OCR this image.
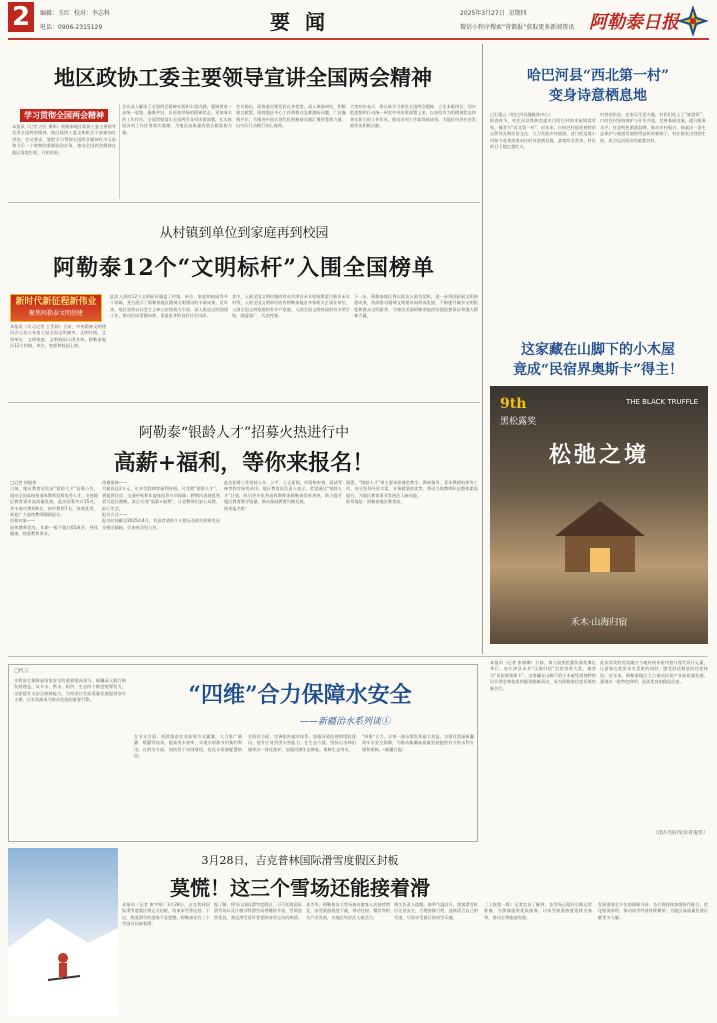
2	编辑：玉红 校对：李志科
电话：0906-2315129	要 闻	2025年3月27日 星期四
微信小程序搜索“营都报”获取更多新闻资讯 阿勒泰日报
地区政协工委主要领导宣讲全国两会精神
学习贯彻全国两会精神
本报讯（记者 吉扎 摄影）阿勒泰地区政协工委主要领导宣讲全国两会精神，地区政协工委全体机关干部参加宣讲会。会议要求，要把学习贯彻全国两会精神作为当前和今后一个时期的重要政治任务，推动全国两会精神在地区落地生根、开花结果。
会议深入解读了全国两会精神实质和丰富内涵，强调要进一步统一思想、凝聚共识，以更加昂扬的精神状态、更加务实的工作作风，全面贯彻落实全国两会各项决策部署，扎实推进各项工作任务落实落细，为地区高质量发展贡献政协力量。
会议指出，政协委员要发挥自身优势，深入调查研究，积极建言献策，围绕地区中心工作和群众急难愁盼问题，广泛凝聚共识，为推进中国式现代化阿勒泰实践汇聚智慧和力量，以实际行动践行初心使命。
大家纷纷表示，将认真学习领会全国两会精神，立足本职岗位，切实把思想和行动统一到党中央决策部署上来，以奋发有为的精神状态和务实担当的工作作风，推动各项工作取得新成效，为地区经济社会发展作出积极贡献。
从村镇到单位到家庭再到校园
阿勒泰12个“文明标杆”入围全国榜单
新时代新征程新伟业
聚焦阿勒泰文明创建
本报讯（实习记者 王雪娟）日前，中央精神文明建设办公室公布第七届全国文明城市、文明村镇、文明单位、文明家庭、文明校园入围名单，阿勒泰地区12个村镇、单位、家庭和校园上榜。
此次入围的12个文明标杆涵盖了村镇、单位、家庭和校园等多个领域，充分展示了阿勒泰地区精神文明建设的丰硕成果。近年来，地区坚持以社会主义核心价值观为引领，深入推进文明创建工作，推动形成崇德向善、见贤思齐的良好社会风尚。
其中，入围全国文明村镇的有布尔津县禾木哈纳斯蒙古族乡禾木村等，入围全国文明单位的有阿勒泰地区多家机关企事业单位，入围全国文明家庭的有多户家庭，入围全国文明校园的有多所学校，涵盖面广、代表性强。
下一步，阿勒泰地区将以此次入围为契机，进一步巩固拓展文明创建成果，持续推动精神文明建设向纵深发展，不断提升城乡文明程度和群众文明素养，为建设美丽阿勒泰提供坚强思想保证和强大精神力量。
阿勒泰“银龄人才”招募火热进行中
高薪+福利，等你来报名！
□记者 胡俊秀
日前，地区教育局发布“银龄人才”招募公告，面向全国高校和退休教师招募优秀人才，支持地区教育事业高质量发展。此次招募共计15名，其中高中教师8名、初中教师7名，待遇优厚，欢迎广大退休教师踊跃报名。
招募对象——
退休教师优先，年龄一般不超过65周岁，身体健康，热爱教育事业。
待遇保障——
月薪高达2万元，年享受假期等福利待遇。凡受聘“银龄人才”，将提供住房、交通补贴和年度体检等多项保障；聘期内表现优秀者可延长聘期，真正实现“高薪+福利”，让老教师们安心从教、舒心生活。
报名方式——
报名时间截至2025年4月，有意者请将个人简历及相关材料发送至指定邮箱，咨询电话见公告。
此次招募工作坚持公开、公平、公正原则，经资格审查、面试考核等程序择优录用。地区教育局负责人表示，希望通过“银龄人才”计划，吸引更多优秀退休教师来阿勒泰发挥余热，助力提升地区教育教学质量，推动基础教育均衡发展。
快来报名吧！
据悉，“银龄人才”将主要承担课堂教学、教研指导、青年教师培养等工作，充分发挥经验丰富、业务精湛的优势，带动当地教师队伍整体素质提升，为地区教育事业发展注入新动能。
联系地址：阿勒泰地区教育局。
□代立
水利安全保障是国家安全的重要组成部分。新疆深入践行新发展理念，从节水、供水、防洪、生态四个维度统筹发力，全面提升水安全保障能力，为经济社会高质量发展提供坚实支撑，让水资源成为推动发展的重要引擎。	“四维”合力保障水安全
——新疆治水系列谈①
在节水方面，持续推进农业高效节水灌溉，大力推广滴灌、喷灌等技术，提高用水效率，实现水资源节约集约利用。在供水方面，加快骨干水网建设，优化水资源配置格局。
在防洪方面，完善防洪减灾体系，加强河道治理和堤防建设，提升应对洪涝灾害能力。在生态方面，坚持山水林田湖草沙一体化保护，加强河湖生态修复，保障生态用水。
“四维”合力，让每一滴水都发挥最大效益，为建设美丽新疆筑牢水安全屏障，为推动新疆高质量发展提供有力的水利支撑和保障。（新疆日报）
3月28日，吉克普林国际滑雪度假区封板
莫慌！这三个雪场还能接着滑
本报讯（记者 崔宇萌）3月28日，吉克普林国际滑雪度假区将正式封板，结束本雪季运营。不过，热爱滑雪的游客不必遗憾，阿勒泰还有三个雪场可以接着滑。
据了解，将军山国际滑雪度假区、可可托海国际滑雪场以及汗德尕特滑雪场将继续开放，雪质依然优良，满足滑雪爱好者延续冰雪运动的热情。
本雪季，阿勒泰各大雪场接待游客人次持续增长，冰雪旅游热度不减，带动住宿、餐饮等相关产业发展，为地区经济注入新活力。
相关负责人提醒，春季气温回升，游客滑雪时应注意安全，合理安排行程，选择适合自己的雪道，尽情享受最后的冰雪乐趣。
（上接第一版）记者走访了解到，各雪场正做好后期运营准备，为游客提供优质服务，让冰雪旅游热度延续至春季，推动全季旅游发展。
发展需要全方位的保障支持，各方将持续加强协作配合，优化服务供给，推动冰雪经济持续繁荣，为地区高质量发展贡献更多力量。
哈巴河县“西北第一村”
变身诗意栖息地
□石俊云（哈巴河县融媒体中心）
阳春时节，哈巴河县铁热克提乡白哈巴村的木屋错落有致，被誉为“西北第一村”。近年来，白哈巴村依托独特的自然风光和民俗文化，大力发展乡村旅游，昔日的边境小村如今变身游客向往的诗意栖息地，游客纷至沓来，村民的日子越过越红火。
村里的民宿、农家乐生意火爆，村民们吃上了“旅游饭”。白哈巴村坚持保护与开发并重，完善基础设施，提升服务水平，打造特色旅游品牌，推动乡村振兴，探索出一条生态保护与旅游发展相得益彰的新路子，村庄焕发出勃勃生机，成为远近闻名的旅游名村。
这家藏在山脚下的小木屋
竟成“民宿界奥斯卡”得主！
9th
黑松露奖
THE BLACK TRUFFLE
松弛之境
禾木·山海归宿
本报讯（记者 张瑞娜）日前，第九届黑松露奖颁奖典礼举行，布尔津县禾木“山海归宿”民宿荣获大奖，被誉为“民宿界奥斯卡”。这家藏在山脚下的小木屋凭借独特的设计理念和优质的服务脱颖而出，成为阿勒泰民宿发展的新名片。
此次获奖的民宿融合当地传统木屋风格与现代设计元素，让游客在欣赏禾木美景的同时，感受舒适惬意的住宿体验。近年来，阿勒泰地区大力推动民宿产业高质量发展，涌现出一批特色鲜明、品质优良的精品民宿。
（图片均由受访者提供）
